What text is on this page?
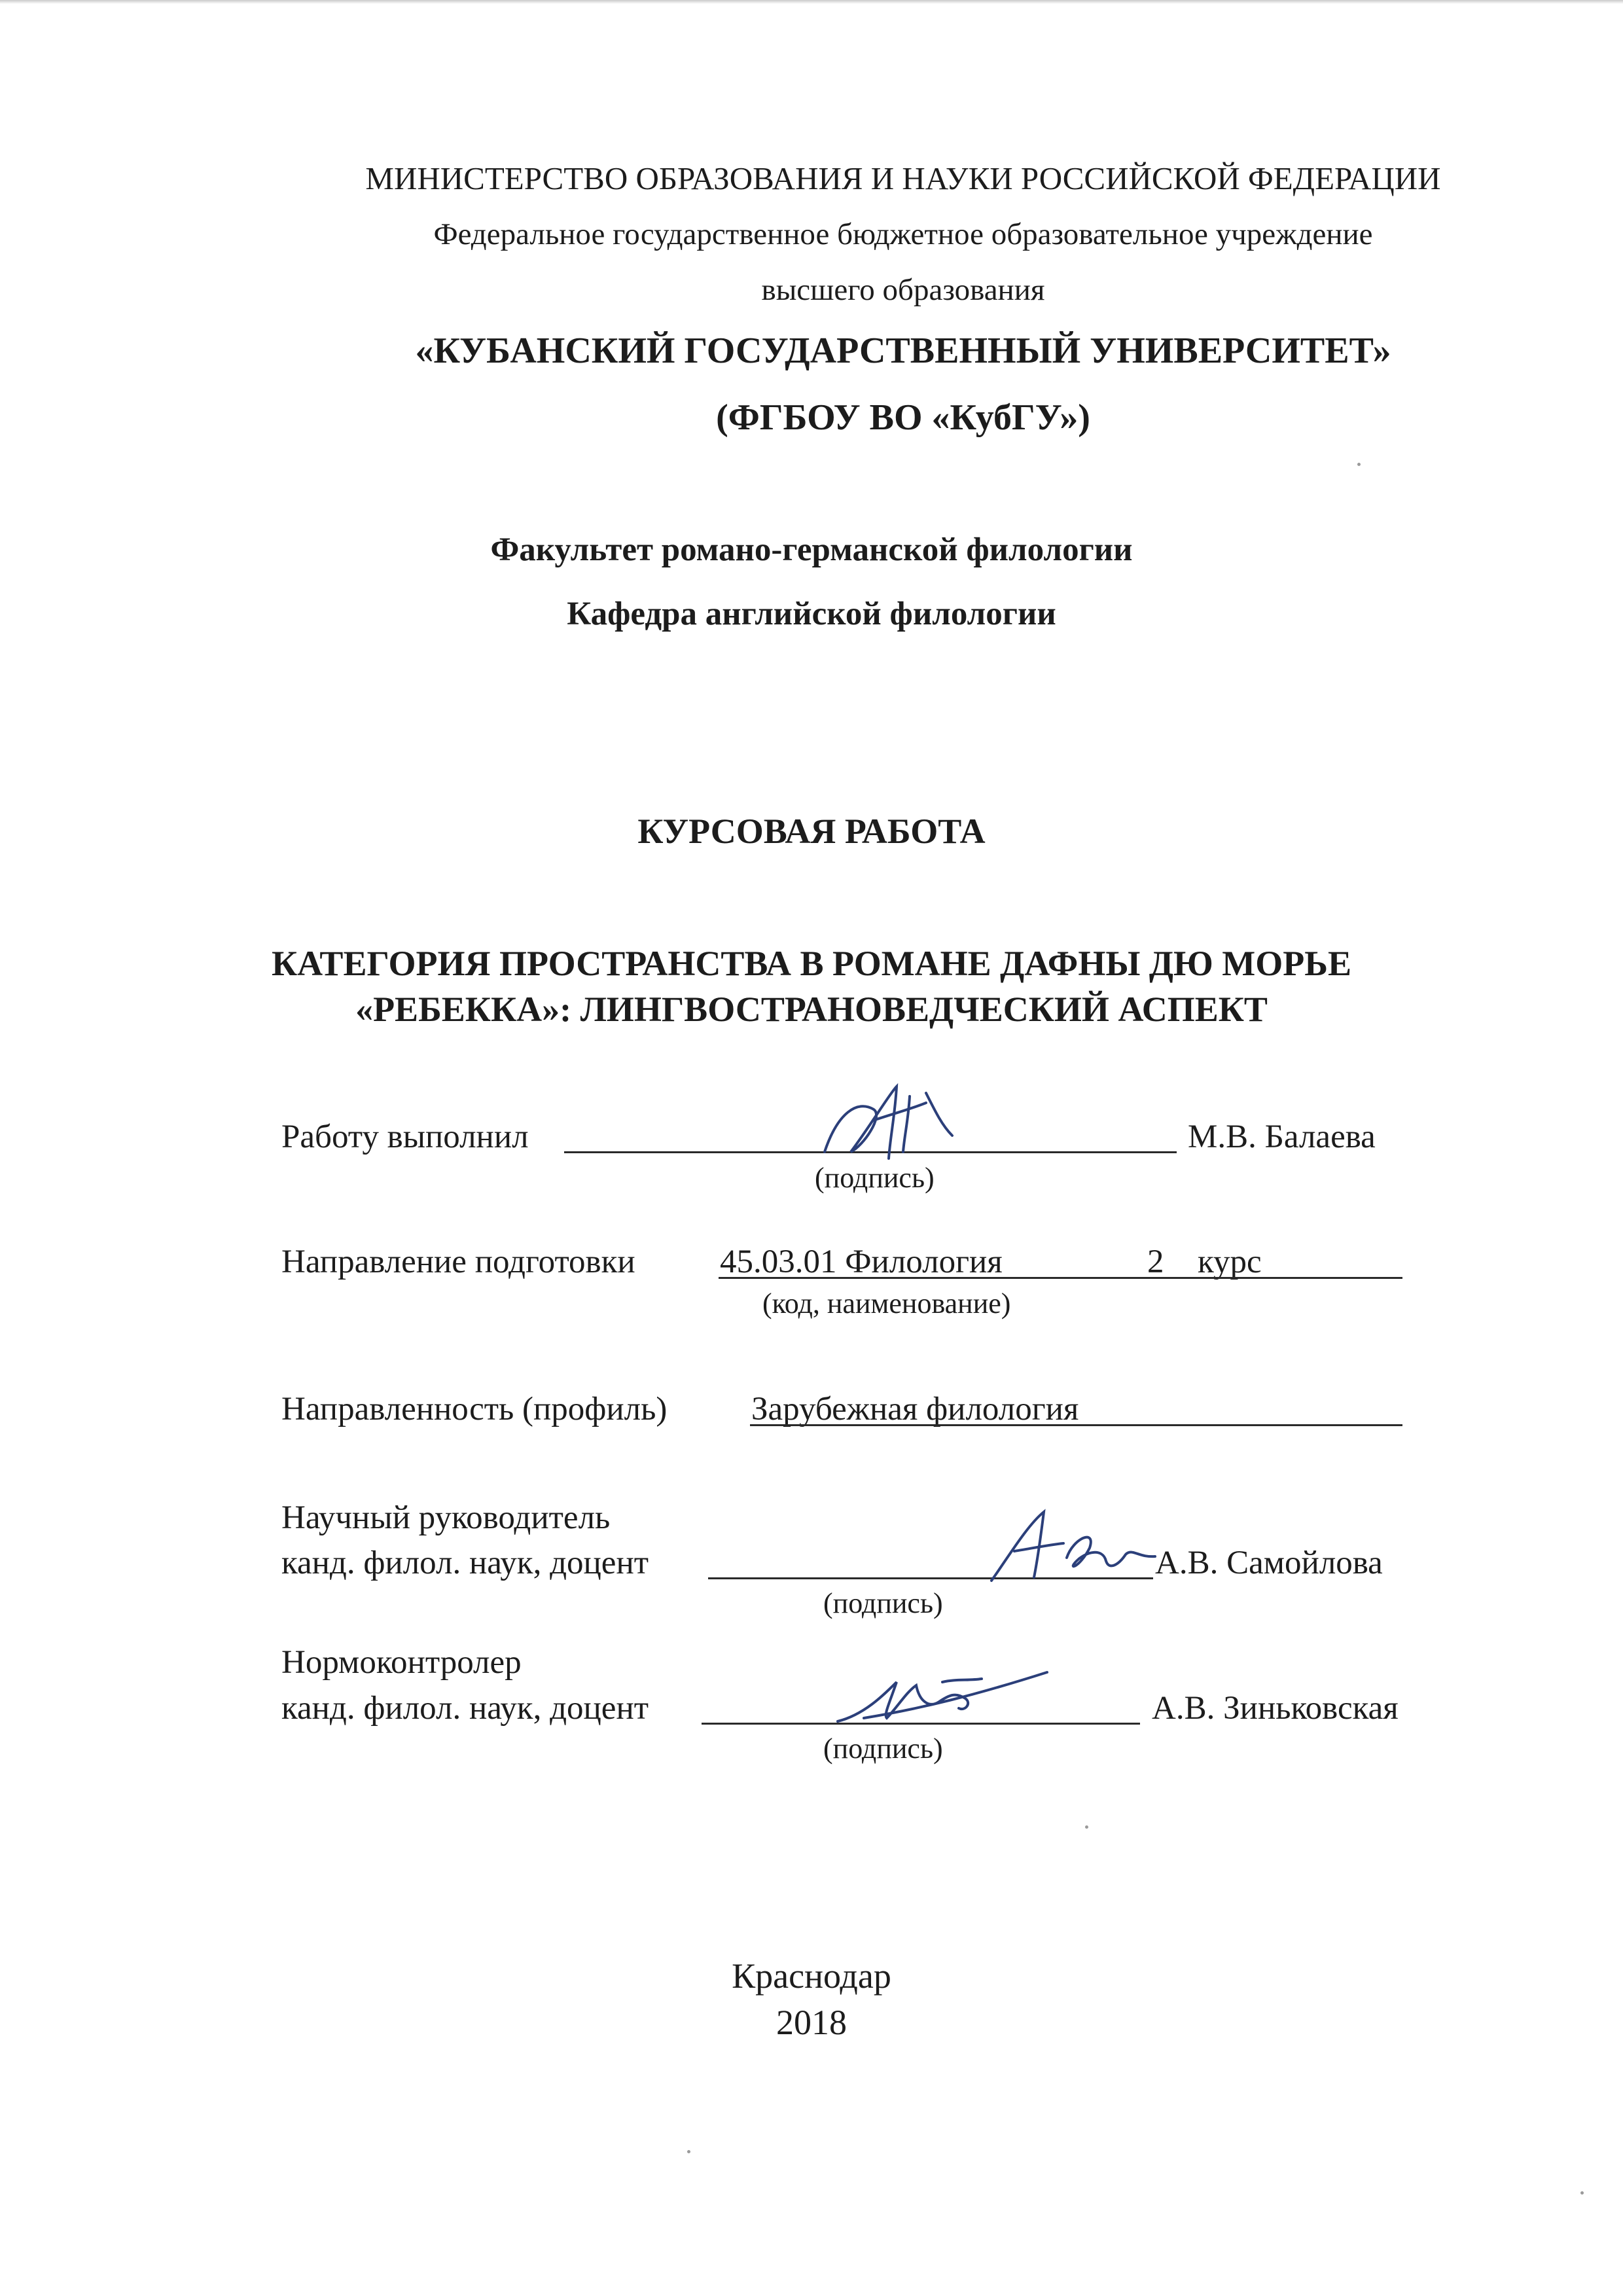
МИНИСТЕРСТВО ОБРАЗОВАНИЯ И НАУКИ РОССИЙСКОЙ ФЕДЕРАЦИИ
Федеральное государственное бюджетное образовательное учреждение
высшего образования
«КУБАНСКИЙ ГОСУДАРСТВЕННЫЙ УНИВЕРСИТЕТ»
(ФГБОУ ВО «КубГУ»)
Факультет романо-германской филологии
Кафедра английской филологии
КУРСОВАЯ РАБОТА
КАТЕГОРИЯ ПРОСТРАНСТВА В РОМАНЕ ДАФНЫ ДЮ МОРЬЕ
«РЕБЕККА»: ЛИНГВОСТРАНОВЕДЧЕСКИЙ АСПЕКТ
Работу выполнил	М.В. Балаева
(подпись)
Направление подготовки	45.03.01 Филология	2 курс
(код, наименование)
Направленность (профиль)	Зарубежная филология
Научный руководитель
канд. филол. наук, доцент	А.В. Самойлова
(подпись)
Нормоконтролер
канд. филол. наук, доцент	А.В. Зиньковская
(подпись)
Краснодар
2018
